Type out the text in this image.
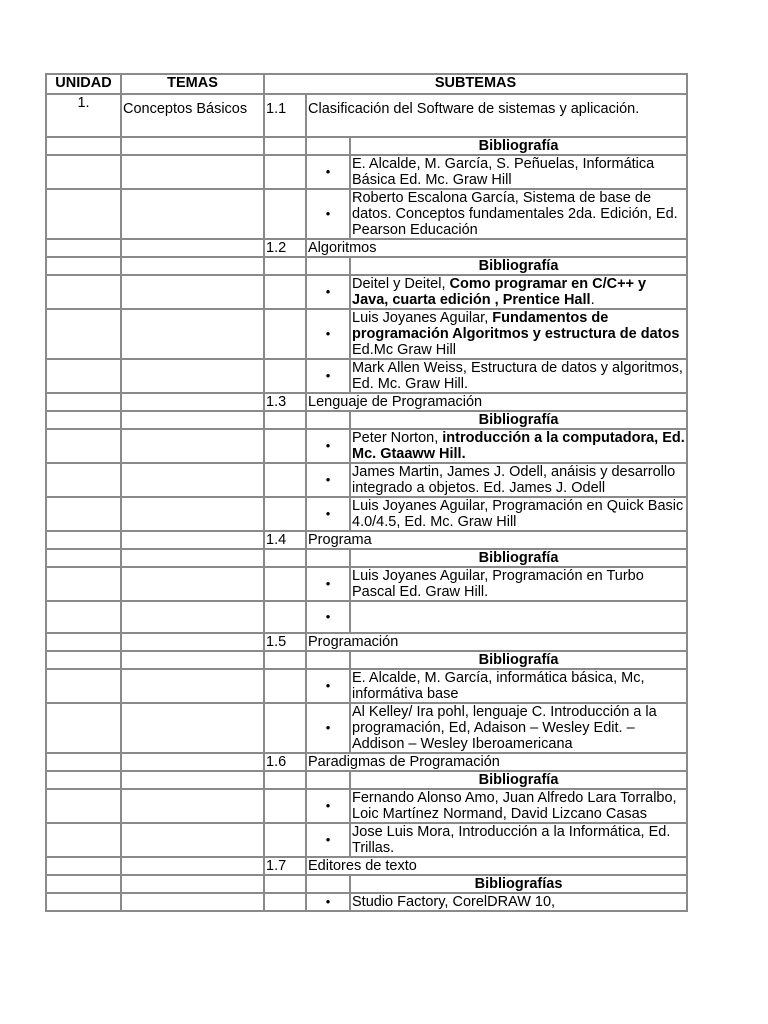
UNIDAD	TEMAS	SUBTEMAS		
1.	Conceptos Básicos	1.1	Clasificación del Software de sistemas y aplicación.	
				Bibliografía
			•	E. Alcalde, M. García, S. Peñuelas, Informática Básica Ed. Mc. Graw Hill
			•	Roberto Escalona García, Sistema de base de datos. Conceptos fundamentales 2da. Edición, Ed. Pearson Educación
		1.2	Algoritmos	
				Bibliografía
			•	Deitel y Deitel, Como programar en C/C++ y Java, cuarta edición , Prentice Hall.
			•	Luis Joyanes Aguilar, Fundamentos de programación Algoritmos y estructura de datos Ed.Mc Graw Hill
			•	Mark Allen Weiss, Estructura de datos y algoritmos, Ed. Mc. Graw Hill.
		1.3	Lenguaje de Programación	
				Bibliografía
			•	Peter Norton, introducción a la computadora, Ed. Mc. Gtaaww Hill.
			•	James Martin, James J. Odell, anáisis y desarrollo integrado a objetos. Ed. James J. Odell
			•	Luis Joyanes Aguilar, Programación en Quick Basic 4.0/4.5, Ed. Mc. Graw Hill
		1.4	Programa	
				Bibliografía
			•	Luis Joyanes Aguilar, Programación en Turbo Pascal Ed. Graw Hill.
			•	
		1.5	Programación	
				Bibliografía
			•	E. Alcalde, M. García, informática básica, Mc, informátiva base
			•	Al Kelley/ Ira pohl, lenguaje C. Introducción a la programación, Ed, Adaison – Wesley Edit. – Addison – Wesley Iberoamericana
		1.6	Paradigmas de Programación	
				Bibliografía
			•	Fernando Alonso Amo, Juan Alfredo Lara Torralbo, Loic Martínez Normand, David Lizcano Casas
			•	Jose Luis Mora, Introducción a la Informática, Ed. Trillas.
		1.7	Editores de texto	
				Bibliografías
			•	Studio Factory, CorelDRAW 10,
